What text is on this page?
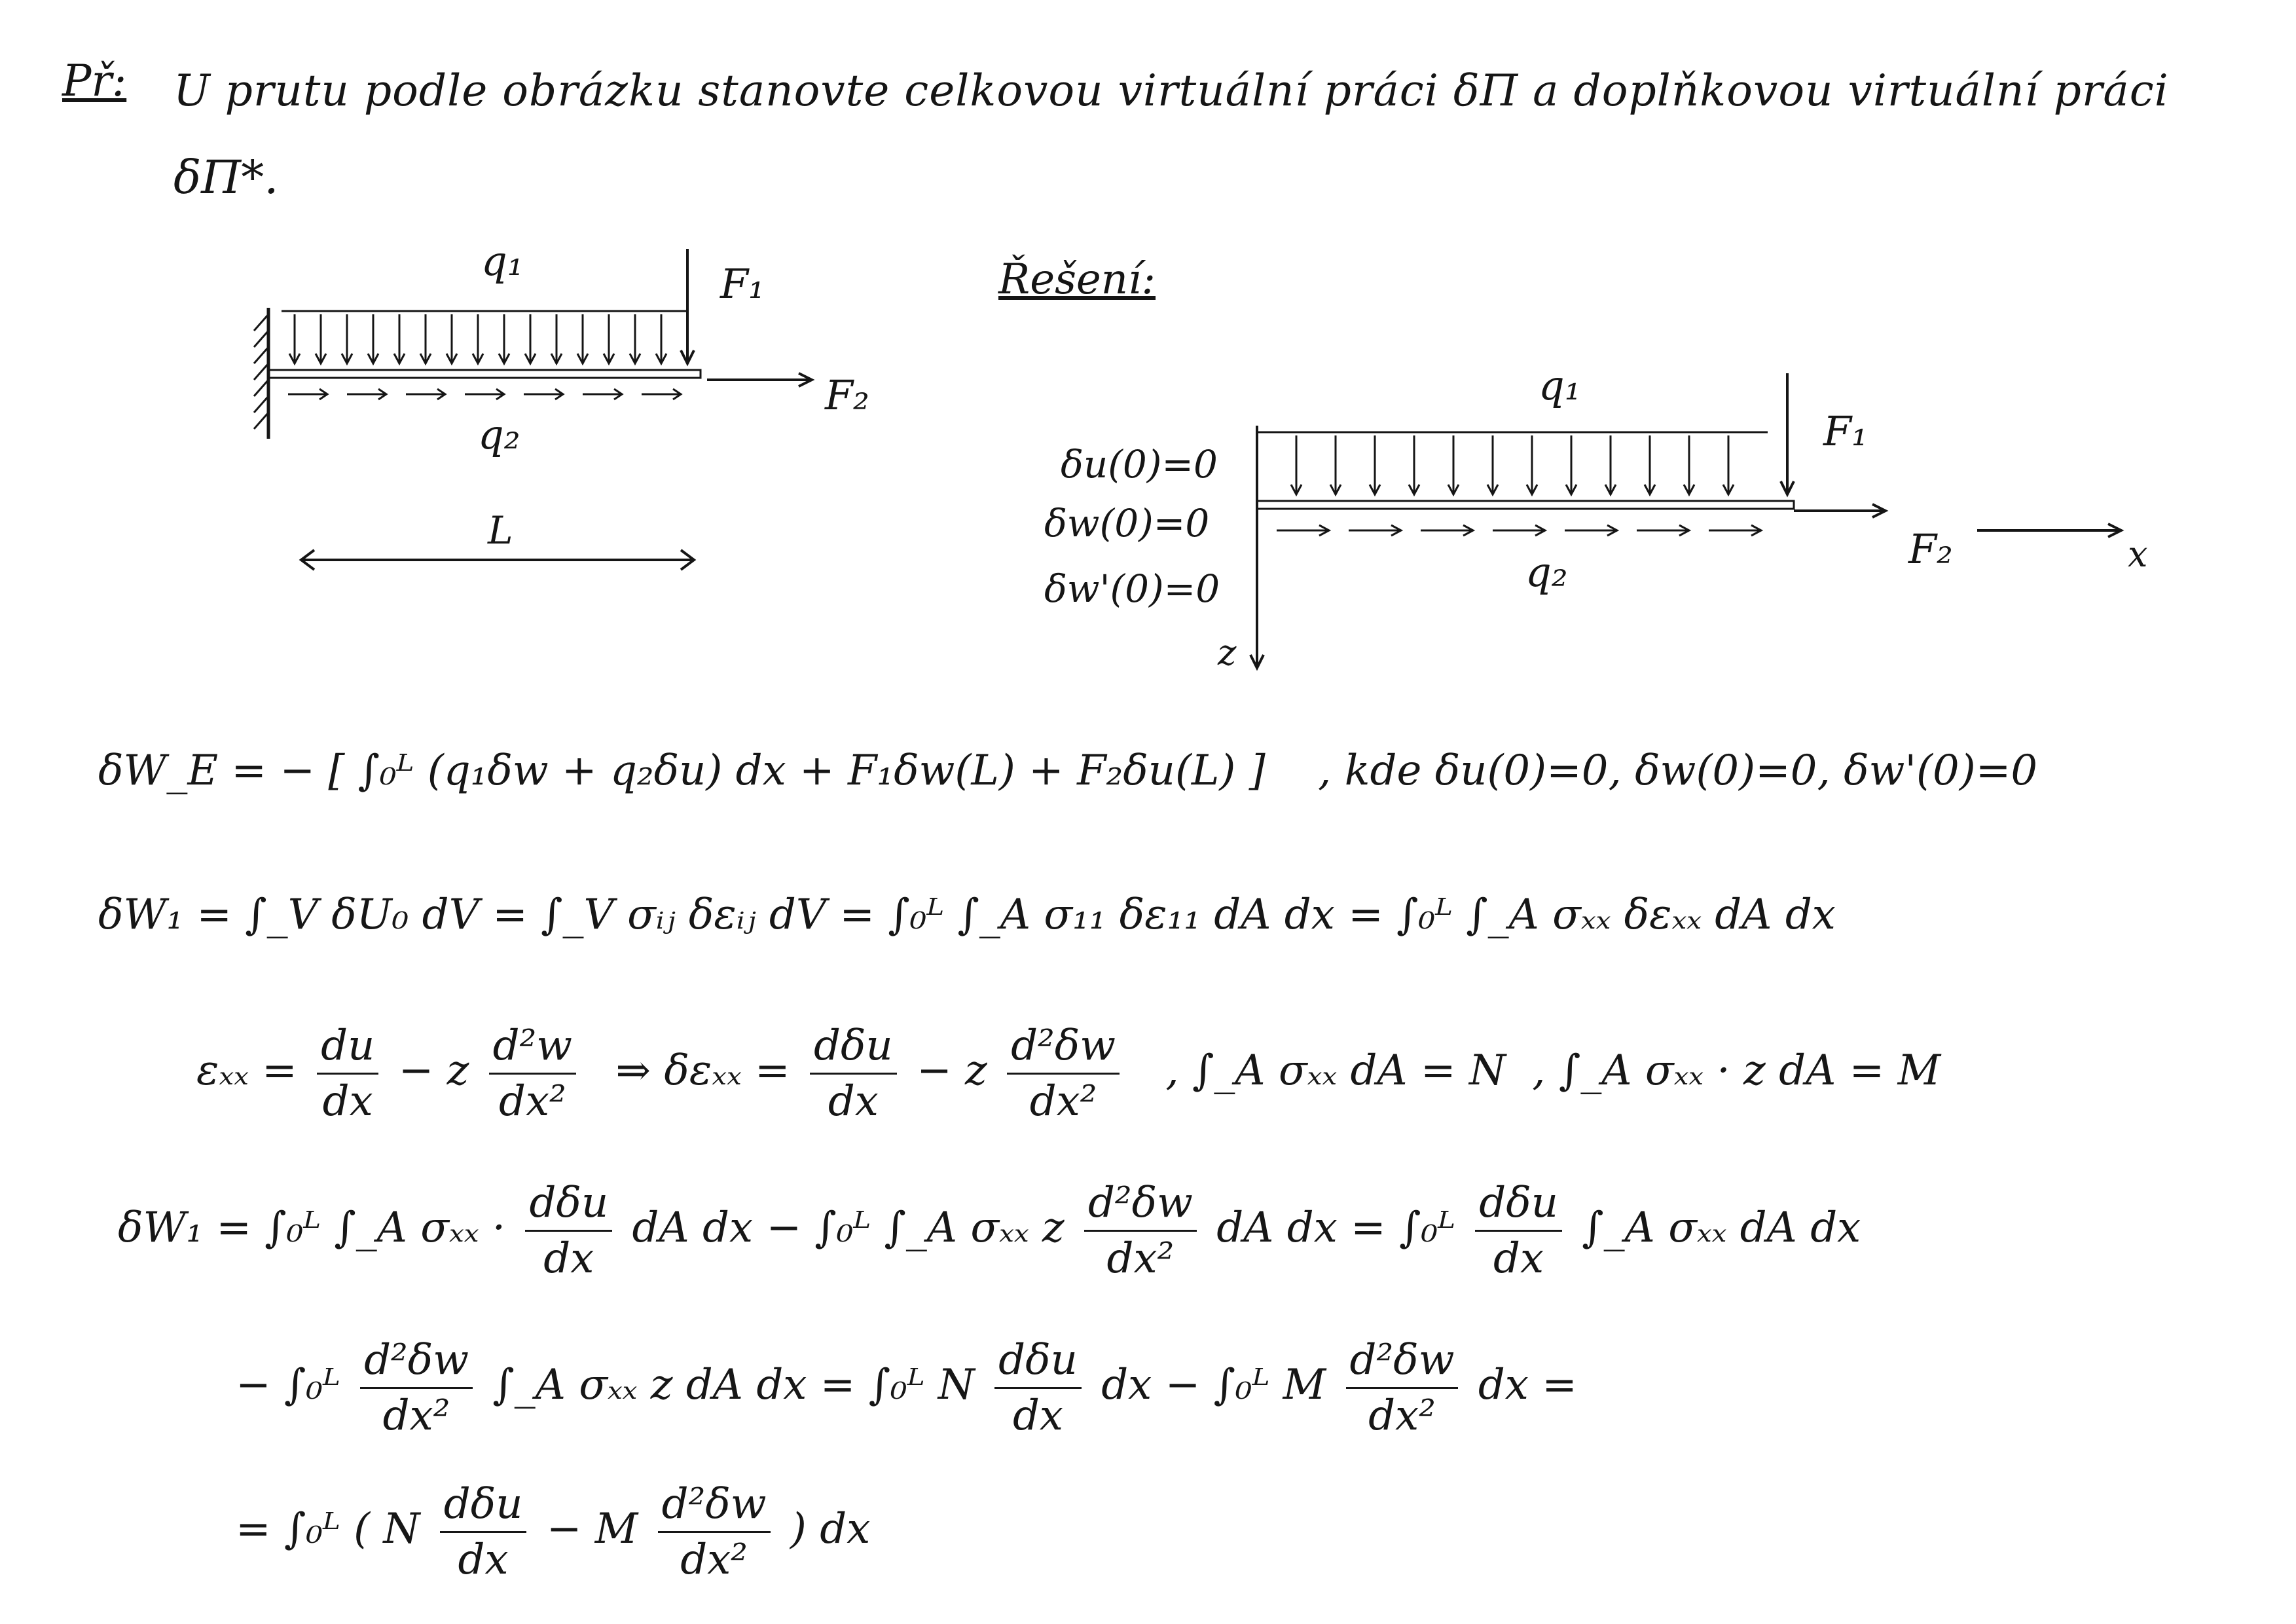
Př: U prutu podle obrázku stanovte celkovou virtuální práci δΠ a doplňkovou virtuální práci
δΠ*.
q₁	F₁
F₂
q₂
L
Řešení:
q₁
F₁
F₂
q₂	x
z
δu(0)=0
δw(0)=0
δw'(0)=0
δW_E = − [ ∫₀ᴸ (q₁δw + q₂δu) dx + F₁δw(L) + F₂δu(L) ] , kde δu(0)=0, δw(0)=0, δw'(0)=0
δW₁ = ∫_V δU₀ dV = ∫_V σᵢⱼ δεᵢⱼ dV = ∫₀ᴸ ∫_A σ₁₁ δε₁₁ dA dx = ∫₀ᴸ ∫_A σₓₓ δεₓₓ dA dx
$\varepsilon_{xx} = \frac{du}{dx} - z \frac{\text{d²w}}{\text{dx²}}$ ⇒ $\delta\varepsilon_{xx} = \frac{\text{dδu}}{dx} - z \frac{\text{d²δw}}{\text{dx²}}$ , ∫_A σₓₓ dA = N , ∫_A σₓₓ · z dA = M
δW₁ = ∫₀ᴸ ∫_A $\sigma_{xx} \cdot \frac{\text{dδu}}{dx}$ dA dx − ∫₀ᴸ ∫_A σₓₓ z $\frac{\text{d²δw}}{\text{dx²}}$ dA dx = ∫₀ᴸ $\frac{\text{dδu}}{dx}$ ∫_A σₓₓ dA dx
− ∫₀ᴸ $\frac{\text{d²δw}}{\text{dx²}}$ ∫_A σₓₓ z dA dx = ∫₀ᴸ N $\frac{\text{dδu}}{dx}$ dx − ∫₀ᴸ M $\frac{\text{d²δw}}{\text{dx²}}$ dx =
= ∫₀ᴸ ( N $\frac{\text{dδu}}{dx} - M \frac{\text{d²δw}}{\text{dx²}}$ ) dx
